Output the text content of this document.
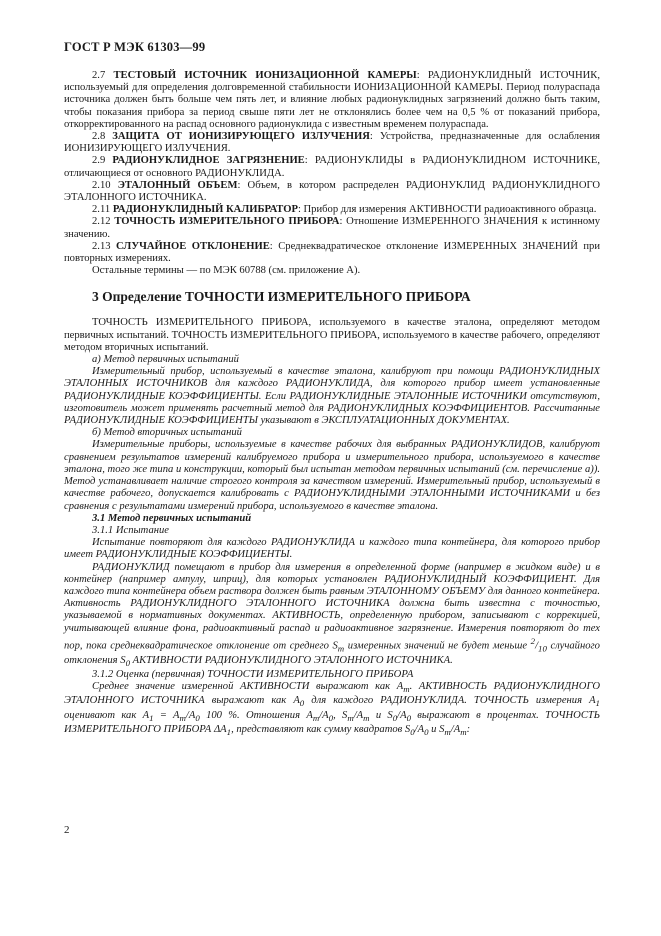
ГОСТ Р МЭК 61303—99

2.7 ТЕСТОВЫЙ ИСТОЧНИК ИОНИЗАЦИОННОЙ КАМЕРЫ: РАДИОНУКЛИДНЫЙ ИСТОЧНИК, используемый для определения долговременной стабильности ИОНИЗАЦИОННОЙ КАМЕРЫ. Период полураспада источника должен быть больше чем пять лет, и влияние любых радионуклидных загрязнений должно быть таким, чтобы показания прибора за период свыше пяти лет не отклонялись более чем на 0,5 % от показаний прибора, откорректированного на распад основного радионуклида с известным временем полураспада.

2.8 ЗАЩИТА ОТ ИОНИЗИРУЮЩЕГО ИЗЛУЧЕНИЯ: Устройства, предназначенные для ослабления ИОНИЗИРУЮЩЕГО ИЗЛУЧЕНИЯ.

2.9 РАДИОНУКЛИДНОЕ ЗАГРЯЗНЕНИЕ: РАДИОНУКЛИДЫ в РАДИОНУКЛИДНОМ ИСТОЧНИКЕ, отличающиеся от основного РАДИОНУКЛИДА.

2.10 ЭТАЛОННЫЙ ОБЪЕМ: Объем, в котором распределен РАДИОНУКЛИД РАДИОНУКЛИДНОГО ЭТАЛОННОГО ИСТОЧНИКА.

2.11 РАДИОНУКЛИДНЫЙ КАЛИБРАТОР: Прибор для измерения АКТИВНОСТИ радиоактивного образца.

2.12 ТОЧНОСТЬ ИЗМЕРИТЕЛЬНОГО ПРИБОРА: Отношение ИЗМЕРЕННОГО ЗНАЧЕНИЯ к истинному значению.

2.13 СЛУЧАЙНОЕ ОТКЛОНЕНИЕ: Среднеквадратическое отклонение ИЗМЕРЕННЫХ ЗНАЧЕНИЙ при повторных измерениях.

Остальные термины — по МЭК 60788 (см. приложение А).

3 Определение ТОЧНОСТИ ИЗМЕРИТЕЛЬНОГО ПРИБОРА

ТОЧНОСТЬ ИЗМЕРИТЕЛЬНОГО ПРИБОРА, используемого в качестве эталона, определяют методом первичных испытаний. ТОЧНОСТЬ ИЗМЕРИТЕЛЬНОГО ПРИБОРА, используемого в качестве рабочего, определяют методом вторичных испытаний.

а) Метод первичных испытаний

Измерительный прибор, используемый в качестве эталона, калибруют при помощи РАДИОНУКЛИДНЫХ ЭТАЛОННЫХ ИСТОЧНИКОВ для каждого РАДИОНУКЛИДА, для которого прибор имеет установленные РАДИОНУКЛИДНЫЕ КОЭФФИЦИЕНТЫ. Если РАДИОНУКЛИДНЫЕ ЭТАЛОННЫЕ ИСТОЧНИКИ отсутствуют, изготовитель может применять расчетный метод для РАДИОНУКЛИДНЫХ КОЭФФИЦИЕНТОВ. Рассчитанные РАДИОНУКЛИДНЫЕ КОЭФФИЦИЕНТЫ указывают в ЭКСПЛУАТАЦИОННЫХ ДОКУМЕНТАХ.

б) Метод вторичных испытаний

Измерительные приборы, используемые в качестве рабочих для выбранных РАДИОНУКЛИДОВ, калибруют сравнением результатов измерений калибруемого прибора и измерительного прибора, используемого в качестве эталона, того же типа и конструкции, который был испытан методом первичных испытаний (см. перечисление а)). Метод устанавливает наличие строгого контроля за качеством измерений. Измерительный прибор, используемый в качестве рабочего, допускается калибровать с РАДИОНУКЛИДНЫМИ ЭТАЛОННЫМИ ИСТОЧНИКАМИ и без сравнения с результатами измерений прибора, используемого в качестве эталона.

3.1 Метод первичных испытаний

3.1.1 Испытание

Испытание повторяют для каждого РАДИОНУКЛИДА и каждого типа контейнера, для которого прибор имеет РАДИОНУКЛИДНЫЕ КОЭФФИЦИЕНТЫ.

РАДИОНУКЛИД помещают в прибор для измерения в определенной форме (например в жидком виде) и в контейнер (например ампулу, шприц), для которых установлен РАДИОНУКЛИДНЫЙ КОЭФФИЦИЕНТ. Для каждого типа контейнера объем раствора должен быть равным ЭТАЛОННОМУ ОБЪЕМУ для данного контейнера. Активность РАДИОНУКЛИДНОГО ЭТАЛОННОГО ИСТОЧНИКА должна быть известна с точностью, указываемой в нормативных документах. АКТИВНОСТЬ, определенную прибором, записывают с коррекцией, учитывающей влияние фона, радиоактивный распад и радиоактивное загрязнение. Измерения повторяют до тех пор, пока среднеквадратическое отклонение от среднего $S_m$ измеренных значений не будет меньше $^2/_{10}$ случайного отклонения $S_0$ АКТИВНОСТИ РАДИОНУКЛИДНОГО ЭТАЛОННОГО ИСТОЧНИКА.

3.1.2 Оценка (первичная) ТОЧНОСТИ ИЗМЕРИТЕЛЬНОГО ПРИБОРА

Среднее значение измеренной АКТИВНОСТИ выражают как $A_m$. АКТИВНОСТЬ РАДИОНУКЛИДНОГО ЭТАЛОННОГО ИСТОЧНИКА выражают как $A_0$ для каждого РАДИОНУКЛИДА. ТОЧНОСТЬ измерения $A_1$ оценивают как $A_1 = A_m/A_0$ 100 %. Отношения $A_m/A_0$, $S_m/A_m$ и $S_0/A_0$ выражают в процентах. ТОЧНОСТЬ ИЗМЕРИТЕЛЬНОГО ПРИБОРА $\Delta A_1$, представляют как сумму квадратов $S_0/A_0$ и $S_m/A_m$:

2
